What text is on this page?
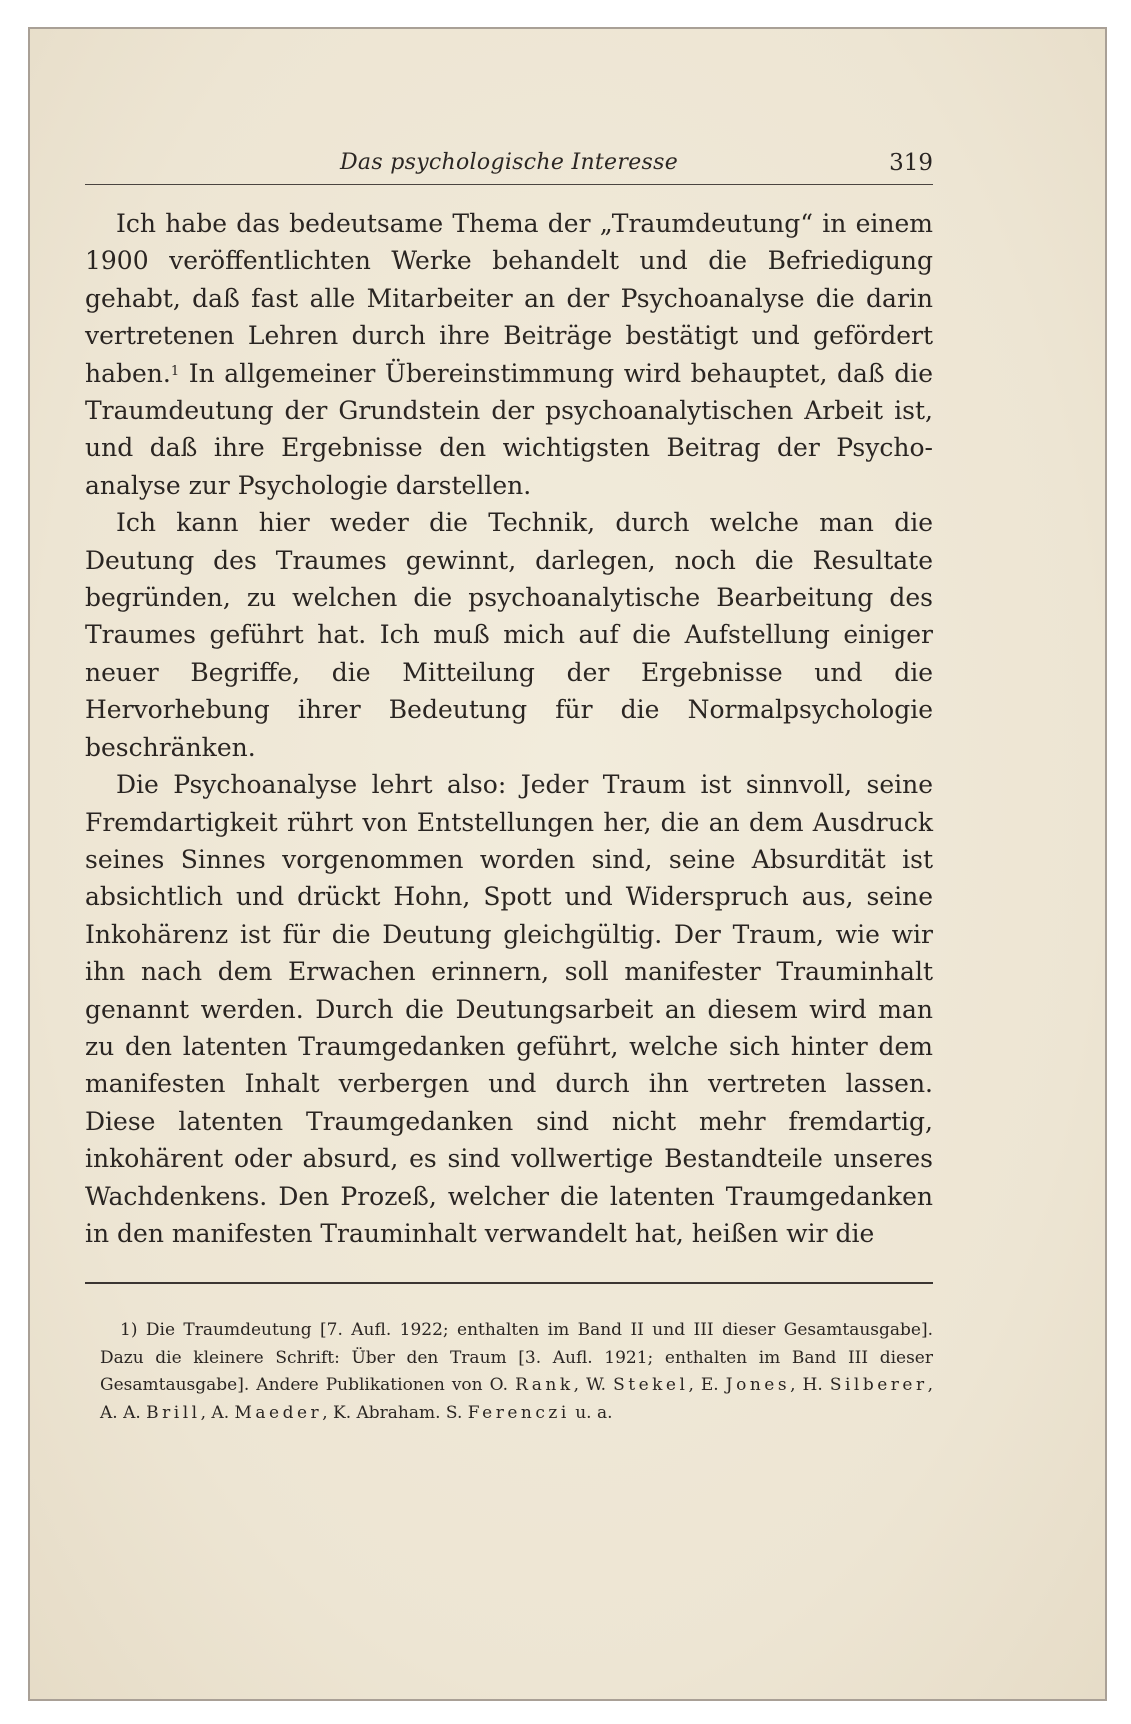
Das psychologische Interesse	319

Ich habe das bedeutsame Thema der „Traumdeutung“ in einem 1900 veröffentlichten Werke behandelt und die Befriedigung gehabt, daß fast alle Mitarbeiter an der Psychoanalyse die darin vertretenen Lehren durch ihre Beiträge bestätigt und gefördert haben.$^1$ In allgemeiner Übereinstimmung wird behauptet, daß die Traumdeutung der Grundstein der psychoanalytischen Arbeit ist, und daß ihre Ergebnisse den wichtigsten Beitrag der Psychoanalyse zur Psychologie darstellen.

Ich kann hier weder die Technik, durch welche man die Deutung des Traumes gewinnt, darlegen, noch die Resultate begründen, zu welchen die psychoanalytische Bearbeitung des Traumes geführt hat. Ich muß mich auf die Aufstellung einiger neuer Begriffe, die Mitteilung der Ergebnisse und die Hervorhebung ihrer Bedeutung für die Normalpsychologie beschränken.

Die Psychoanalyse lehrt also: Jeder Traum ist sinnvoll, seine Fremdartigkeit rührt von Entstellungen her, die an dem Ausdruck seines Sinnes vorgenommen worden sind, seine Absurdität ist absichtlich und drückt Hohn, Spott und Widerspruch aus, seine Inkohärenz ist für die Deutung gleichgültig. Der Traum, wie wir ihn nach dem Erwachen erinnern, soll manifester Trauminhalt genannt werden. Durch die Deutungsarbeit an diesem wird man zu den latenten Traumgedanken geführt, welche sich hinter dem manifesten Inhalt verbergen und durch ihn vertreten lassen. Diese latenten Traumgedanken sind nicht mehr fremdartig, inkohärent oder absurd, es sind vollwertige Bestandteile unseres Wachdenkens. Den Prozeß, welcher die latenten Traumgedanken in den manifesten Trauminhalt verwandelt hat, heißen wir die

1) Die Traumdeutung [7. Aufl. 1922; enthalten im Band II und III dieser Gesamtausgabe]. Dazu die kleinere Schrift: Über den Traum [3. Aufl. 1921; enthalten im Band III dieser Gesamtausgabe]. Andere Publikationen von O. Rank, W. Stekel, E. Jones, H. Silberer, A. A. Brill, A. Maeder, K. Abraham. S. Ferenczi u. a.
